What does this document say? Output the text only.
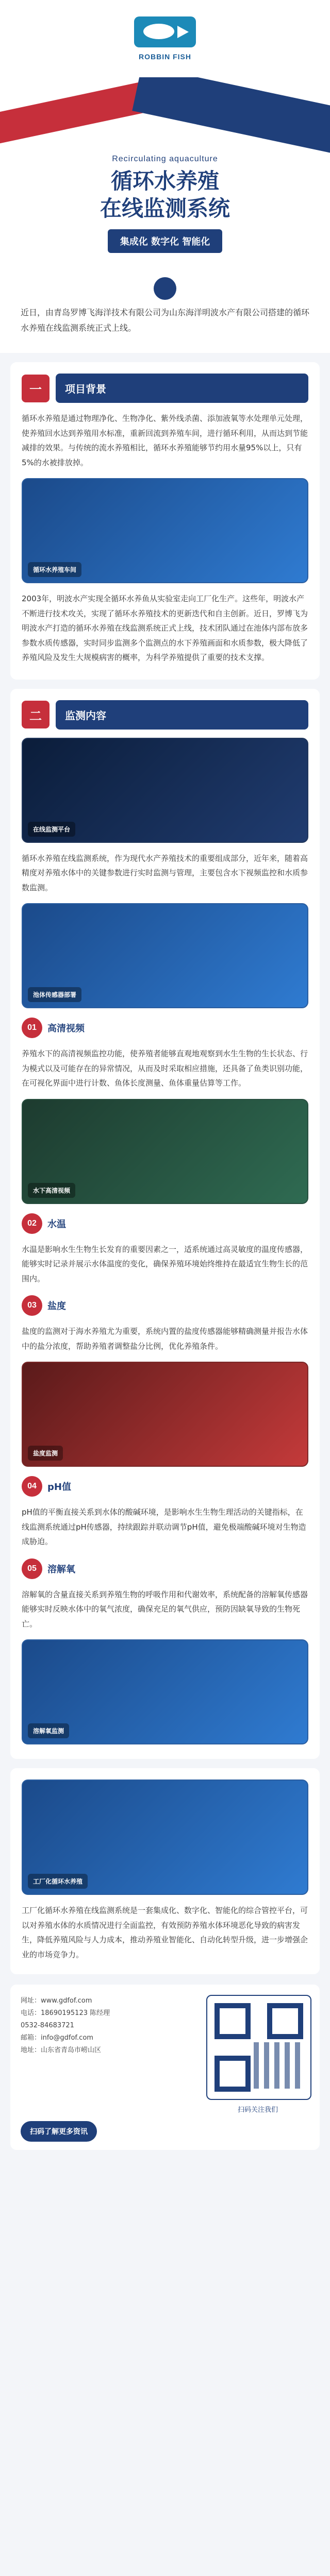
ROBBIN FISH
Recirculating aquaculture
循环水养殖
在线监测系统
集成化 数字化 智能化
近日，由青岛罗博飞海洋技术有限公司为山东海洋明波水产有限公司搭建的循环水养殖在线监测系统正式上线。
一	项目背景

循环水养殖是通过物理净化、生物净化、紫外线杀菌、添加液氧等水处理单元处理，使养殖回水达到养殖用水标准，重新回流到养殖车间，进行循环利用，从而达到节能减排的效果。与传统的流水养殖相比，循环水养殖能够节约用水量95%以上，只有5%的水被排放掉。

循环水养殖车间

2003年，明波水产实现全循环水养鱼从实验室走向工厂化生产。这些年，明波水产不断进行技术攻关，实现了循环水养殖技术的更新迭代和自主创新。近日，罗博飞为明波水产打造的循环水养殖在线监测系统正式上线，技术团队通过在池体内部布放多参数水质传感器，实时同步监测多个监测点的水下养殖画面和水质参数，极大降低了养殖风险及发生大规模病害的概率，为科学养殖提供了重要的技术支撑。

二	监测内容
在线监测平台

循环水养殖在线监测系统，作为现代水产养殖技术的重要组成部分，近年来，随着高精度对养殖水体中的关键参数进行实时监测与管理，主要包含水下视频监控和水质参数监测。

池体传感器部署
01	高清视频

养殖水下的高清视频监控功能，使养殖者能够直观地观察到水生生物的生长状态、行为模式以及可能存在的异常情况，从而及时采取相应措施，还具备了鱼类识别功能，在可视化界面中进行计数、鱼体长度测量、鱼体重量估算等工作。

水下高清视频
02	水温

水温是影响水生生物生长发育的重要因素之一，适系统通过高灵敏度的温度传感器，能够实时记录并展示水体温度的变化，确保养殖环境始终维持在最适宜生物生长的范围内。

03	盐度

盐度的监测对于海水养殖尤为重要，系统内置的盐度传感器能够精确测量并报告水体中的盐分浓度，帮助养殖者调整盐分比例，优化养殖条件。

盐度监测
04	pH值

pH值的平衡直接关系到水体的酸碱环境，是影响水生生物生理活动的关键指标，在线监测系统通过pH传感器，持续跟踪并联动调节pH值，避免极端酸碱环境对生物造成胁迫。

05	溶解氧

溶解氧的含量直接关系到养殖生物的呼吸作用和代谢效率，系统配备的溶解氧传感器能够实时反映水体中的氧气浓度，确保充足的氧气供应，预防因缺氧导致的生物死亡。

溶解氧监测
工厂化循环水养殖

工厂化循环水养殖在线监测系统是一套集成化、数字化、智能化的综合管控平台，可以对养殖水体的水质情况进行全面监控，有效预防养殖水体环境恶化导致的病害发生，降低养殖风险与人力成本，推动养殖业智能化、自动化转型升级，进一步增强企业的市场竞争力。

网址：www.gdfof.com
电话：18690195123 陈经理
0532-84683721
邮箱：info@gdfof.com
地址：山东省青岛市崂山区
扫码关注我们
扫码了解更多资讯
